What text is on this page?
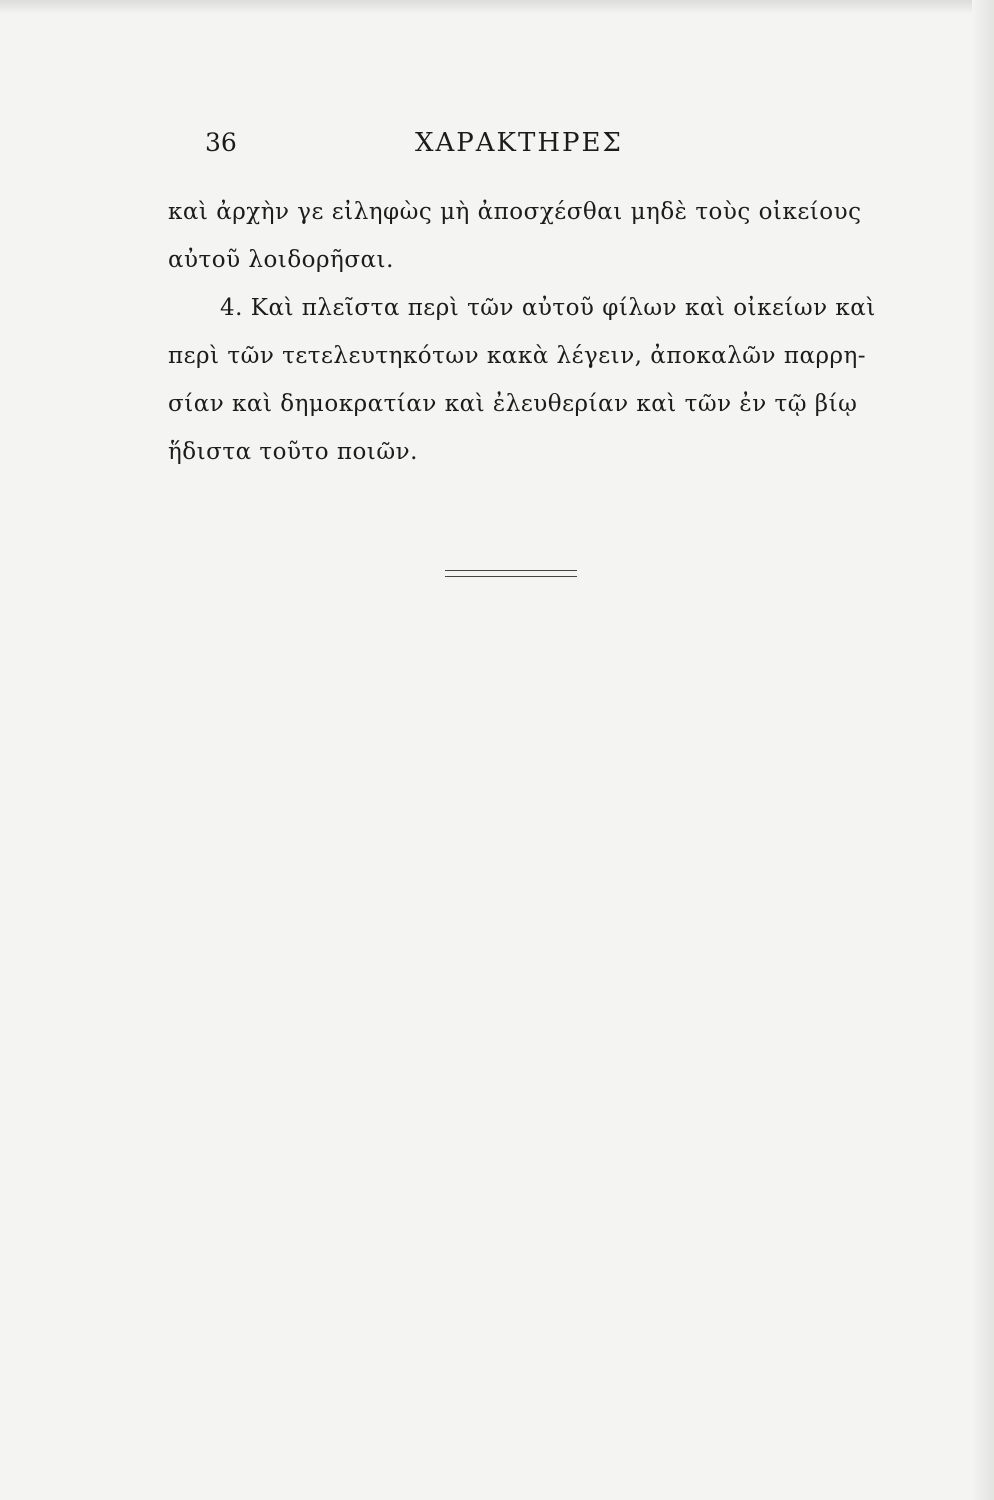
36	ΧΑΡΑΚΤΗΡΕΣ
καὶ ἀρχὴν γε εἰληφὼς μὴ ἀποσχέσθαι μηδὲ τοὺς οἰκείους
αὐτοῦ λοιδορῆσαι.
4. Καὶ πλεῖστα περὶ τῶν αὐτοῦ φίλων καὶ οἰκείων καὶ
περὶ τῶν τετελευτηκότων κακὰ λέγειν, ἀποκαλῶν παρρη-
σίαν καὶ δημοκρατίαν καὶ ἐλευθερίαν καὶ τῶν ἐν τῷ βίῳ
ἥδιστα τοῦτο ποιῶν.
